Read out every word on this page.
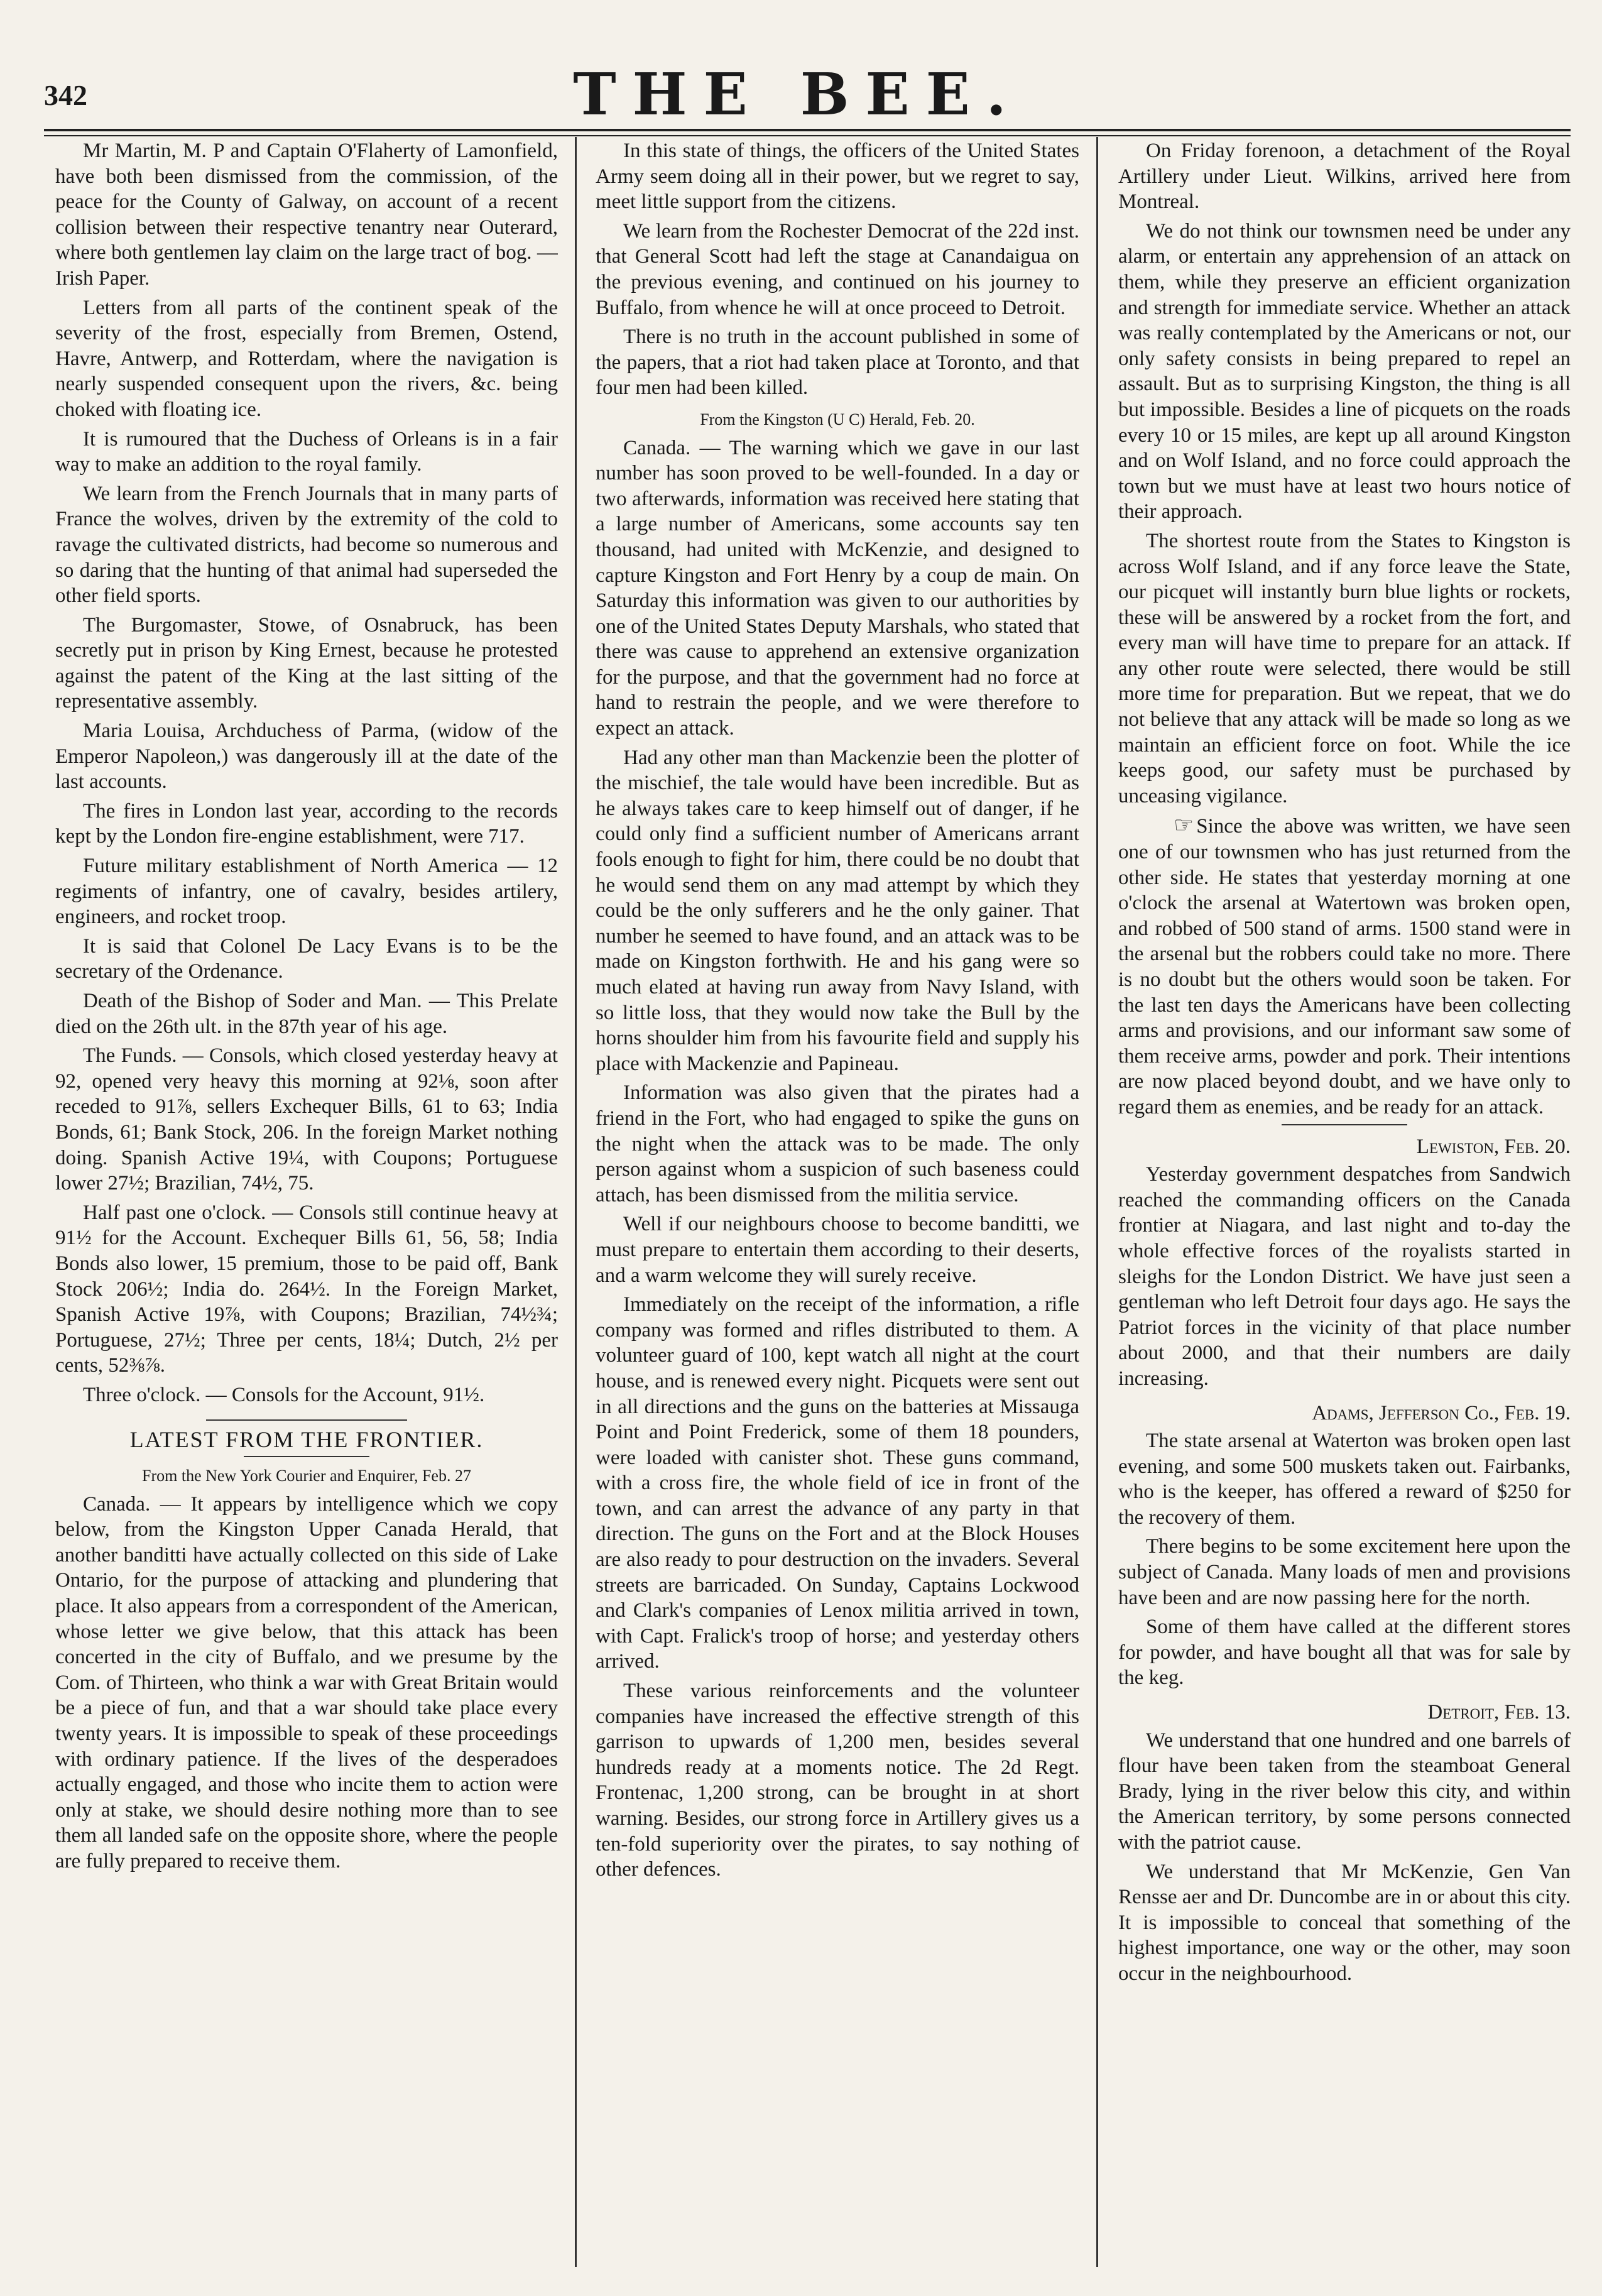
342	THE BEE.

Mr Martin, M. P and Captain O'Flaherty of Lamonfield, have both been dismissed from the commission, of the peace for the County of Galway, on account of a recent collision between their respective tenantry near Outerard, where both gentlemen lay claim on the large tract of bog. — Irish Paper.

Letters from all parts of the continent speak of the severity of the frost, especially from Bremen, Ostend, Havre, Antwerp, and Rotterdam, where the navigation is nearly suspended consequent upon the rivers, &c. being choked with floating ice.

It is rumoured that the Duchess of Orleans is in a fair way to make an addition to the royal family.

We learn from the French Journals that in many parts of France the wolves, driven by the extremity of the cold to ravage the cultivated districts, had become so numerous and so daring that the hunting of that animal had superseded the other field sports.

The Burgomaster, Stowe, of Osnabruck, has been secretly put in prison by King Ernest, because he protested against the patent of the King at the last sitting of the representative assembly.

Maria Louisa, Archduchess of Parma, (widow of the Emperor Napoleon,) was dangerously ill at the date of the last accounts.

The fires in London last year, according to the records kept by the London fire-engine establishment, were 717.

Future military establishment of North America — 12 regiments of infantry, one of cavalry, besides artilery, engineers, and rocket troop.

It is said that Colonel De Lacy Evans is to be the secretary of the Ordenance.

Death of the Bishop of Soder and Man. — This Prelate died on the 26th ult. in the 87th year of his age.

The Funds. — Consols, which closed yesterday heavy at 92, opened very heavy this morning at 92⅛, soon after receded to 91⅞, sellers Exchequer Bills, 61 to 63; India Bonds, 61; Bank Stock, 206. In the foreign Market nothing doing. Spanish Active 19¼, with Coupons; Portuguese lower 27½; Brazilian, 74½, 75.

Half past one o'clock. — Consols still continue heavy at 91½ for the Account. Exchequer Bills 61, 56, 58; India Bonds also lower, 15 premium, those to be paid off, Bank Stock 206½; India do. 264½. In the Foreign Market, Spanish Active 19⅞, with Coupons; Brazilian, 74½¾; Portuguese, 27½; Three per cents, 18¼; Dutch, 2½ per cents, 52⅜⅞.

Three o'clock. — Consols for the Account, 91½.

LATEST FROM THE FRONTIER.

From the New York Courier and Enquirer, Feb. 27

Canada. — It appears by intelligence which we copy below, from the Kingston Upper Canada Herald, that another banditti have actually collected on this side of Lake Ontario, for the purpose of attacking and plundering that place. It also appears from a correspondent of the American, whose letter we give below, that this attack has been concerted in the city of Buffalo, and we presume by the Com. of Thirteen, who think a war with Great Britain would be a piece of fun, and that a war should take place every twenty years. It is impossible to speak of these proceedings with ordinary patience. If the lives of the desperadoes actually engaged, and those who incite them to action were only at stake, we should desire nothing more than to see them all landed safe on the opposite shore, where the people are fully prepared to receive them.

In this state of things, the officers of the United States Army seem doing all in their power, but we regret to say, meet little support from the citizens.

We learn from the Rochester Democrat of the 22d inst. that General Scott had left the stage at Canandaigua on the previous evening, and continued on his journey to Buffalo, from whence he will at once proceed to Detroit.

There is no truth in the account published in some of the papers, that a riot had taken place at Toronto, and that four men had been killed.

From the Kingston (U C) Herald, Feb. 20.

Canada. — The warning which we gave in our last number has soon proved to be well-founded. In a day or two afterwards, information was received here stating that a large number of Americans, some accounts say ten thousand, had united with McKenzie, and designed to capture Kingston and Fort Henry by a coup de main. On Saturday this information was given to our authorities by one of the United States Deputy Marshals, who stated that there was cause to apprehend an extensive organization for the purpose, and that the government had no force at hand to restrain the people, and we were therefore to expect an attack.

Had any other man than Mackenzie been the plotter of the mischief, the tale would have been incredible. But as he always takes care to keep himself out of danger, if he could only find a sufficient number of Americans arrant fools enough to fight for him, there could be no doubt that he would send them on any mad attempt by which they could be the only sufferers and he the only gainer. That number he seemed to have found, and an attack was to be made on Kingston forthwith. He and his gang were so much elated at having run away from Navy Island, with so little loss, that they would now take the Bull by the horns shoulder him from his favourite field and supply his place with Mackenzie and Papineau.

Information was also given that the pirates had a friend in the Fort, who had engaged to spike the guns on the night when the attack was to be made. The only person against whom a suspicion of such baseness could attach, has been dismissed from the militia service.

Well if our neighbours choose to become banditti, we must prepare to entertain them according to their deserts, and a warm welcome they will surely receive.

Immediately on the receipt of the information, a rifle company was formed and rifles distributed to them. A volunteer guard of 100, kept watch all night at the court house, and is renewed every night. Picquets were sent out in all directions and the guns on the batteries at Missauga Point and Point Frederick, some of them 18 pounders, were loaded with canister shot. These guns command, with a cross fire, the whole field of ice in front of the town, and can arrest the advance of any party in that direction. The guns on the Fort and at the Block Houses are also ready to pour destruction on the invaders. Several streets are barricaded. On Sunday, Captains Lockwood and Clark's companies of Lenox militia arrived in town, with Capt. Fralick's troop of horse; and yesterday others arrived.

These various reinforcements and the volunteer companies have increased the effective strength of this garrison to upwards of 1,200 men, besides several hundreds ready at a moments notice. The 2d Regt. Frontenac, 1,200 strong, can be brought in at short warning. Besides, our strong force in Artillery gives us a ten-fold superiority over the pirates, to say nothing of other defences.

On Friday forenoon, a detachment of the Royal Artillery under Lieut. Wilkins, arrived here from Montreal.

We do not think our townsmen need be under any alarm, or entertain any apprehension of an attack on them, while they preserve an efficient organization and strength for immediate service. Whether an attack was really contemplated by the Americans or not, our only safety consists in being prepared to repel an assault. But as to surprising Kingston, the thing is all but impossible. Besides a line of picquets on the roads every 10 or 15 miles, are kept up all around Kingston and on Wolf Island, and no force could approach the town but we must have at least two hours notice of their approach.

The shortest route from the States to Kingston is across Wolf Island, and if any force leave the State, our picquet will instantly burn blue lights or rockets, these will be answered by a rocket from the fort, and every man will have time to prepare for an attack. If any other route were selected, there would be still more time for preparation. But we repeat, that we do not believe that any attack will be made so long as we maintain an efficient force on foot. While the ice keeps good, our safety must be purchased by unceasing vigilance.

☞ Since the above was written, we have seen one of our townsmen who has just returned from the other side. He states that yesterday morning at one o'clock the arsenal at Watertown was broken open, and robbed of 500 stand of arms. 1500 stand were in the arsenal but the robbers could take no more. There is no doubt but the others would soon be taken. For the last ten days the Americans have been collecting arms and provisions, and our informant saw some of them receive arms, powder and pork. Their intentions are now placed beyond doubt, and we have only to regard them as enemies, and be ready for an attack.

Lewiston, Feb. 20.

Yesterday government despatches from Sandwich reached the commanding officers on the Canada frontier at Niagara, and last night and to-day the whole effective forces of the royalists started in sleighs for the London District. We have just seen a gentleman who left Detroit four days ago. He says the Patriot forces in the vicinity of that place number about 2000, and that their numbers are daily increasing.

Adams, Jefferson Co., Feb. 19.

The state arsenal at Waterton was broken open last evening, and some 500 muskets taken out. Fairbanks, who is the keeper, has offered a reward of $250 for the recovery of them.

There begins to be some excitement here upon the subject of Canada. Many loads of men and provisions have been and are now passing here for the north.

Some of them have called at the different stores for powder, and have bought all that was for sale by the keg.

Detroit, Feb. 13.

We understand that one hundred and one barrels of flour have been taken from the steamboat General Brady, lying in the river below this city, and within the American territory, by some persons connected with the patriot cause.

We understand that Mr McKenzie, Gen Van Rensse aer and Dr. Duncombe are in or about this city. It is impossible to conceal that something of the highest importance, one way or the other, may soon occur in the neighbourhood.
